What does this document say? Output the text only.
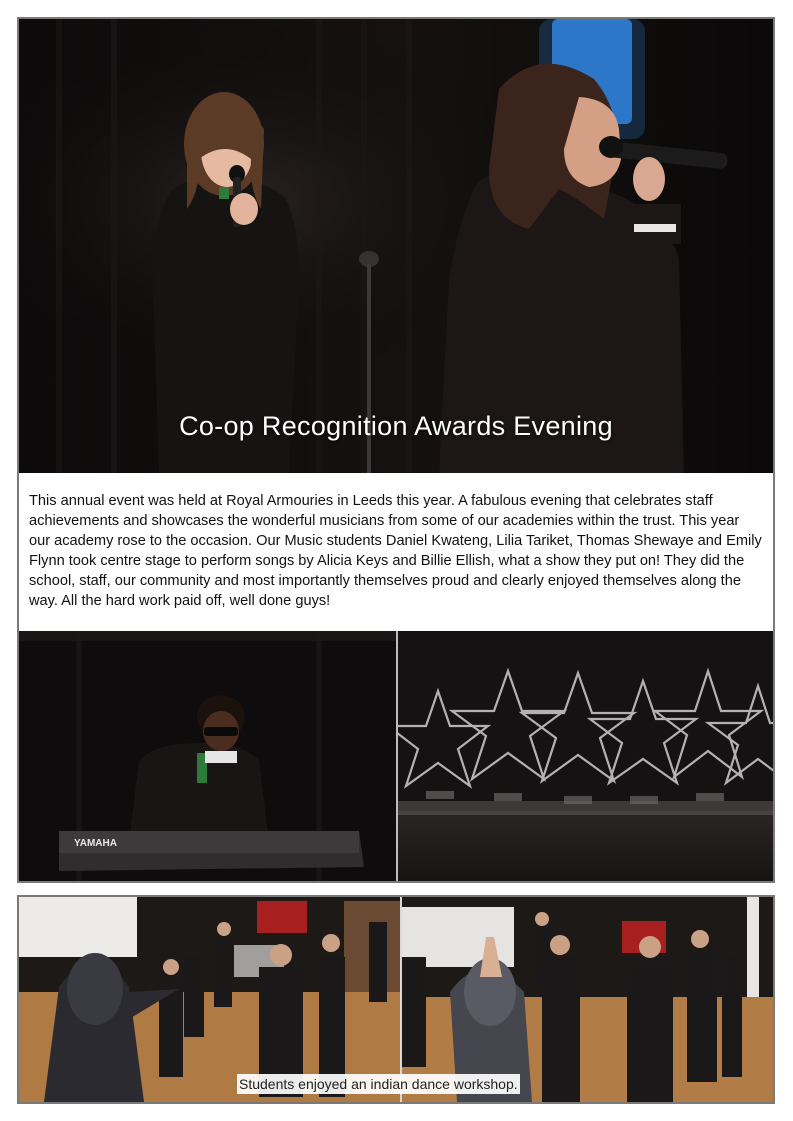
Co-op Recognition Awards Evening
This annual event was held at Royal Armouries in Leeds this year. A fabulous evening that celebrates staff achievements and showcases the wonderful musicians from some of our academies within the trust. This year our academy rose to the occasion. Our Music students Daniel Kwateng, Lilia Tariket, Thomas Shewaye and Emily Flynn took centre stage to perform songs by Alicia Keys and Billie Ellish, what a show they put on! They did the school, staff, our community and most importantly themselves proud and clearly enjoyed themselves along the way. All the hard work paid off, well done guys!
YAMAHA
Students enjoyed an indian dance workshop.
